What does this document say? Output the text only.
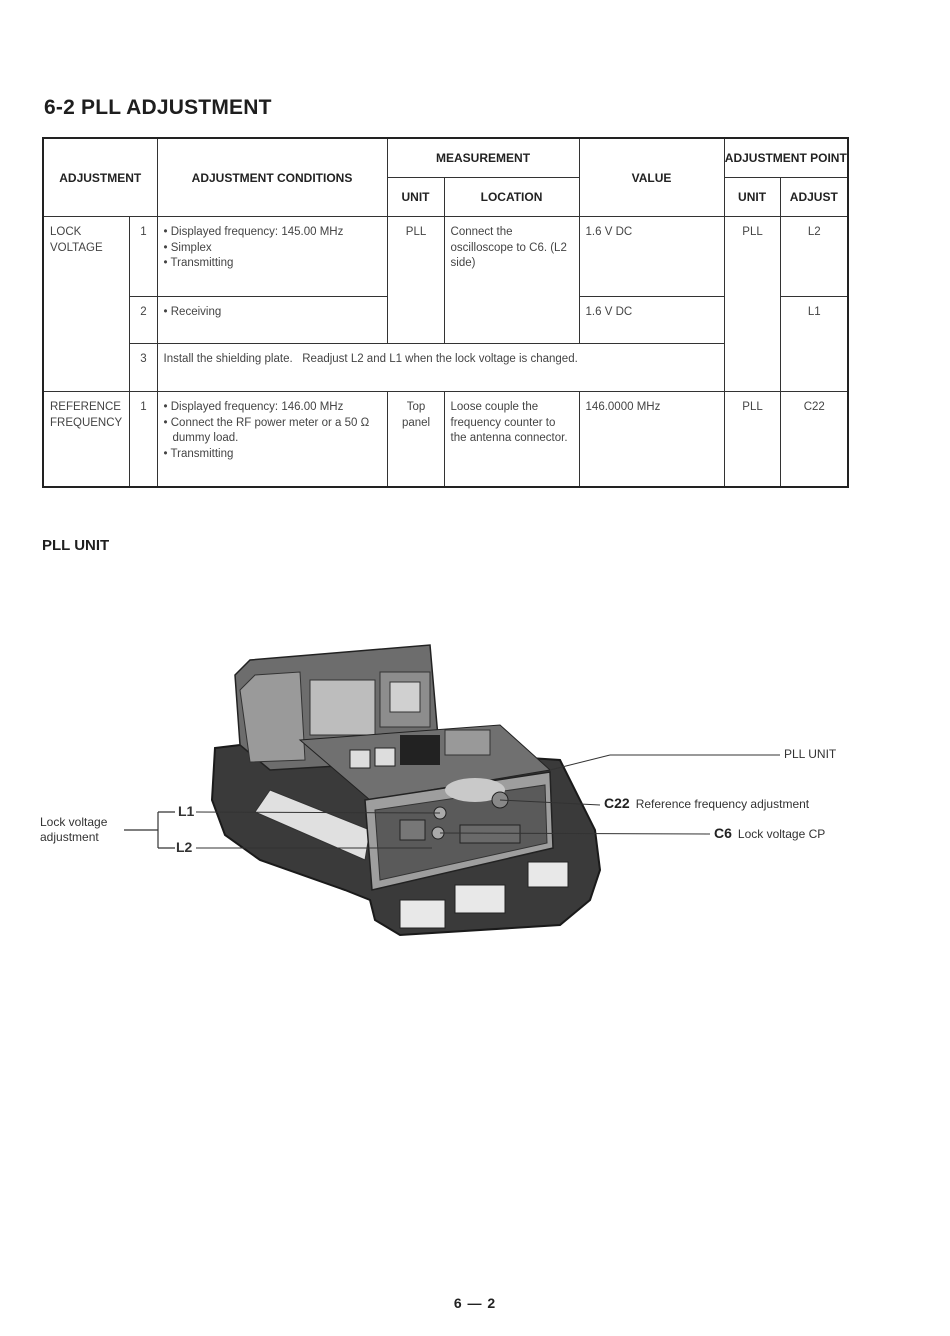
6-2 PLL ADJUSTMENT
ADJUSTMENT		ADJUSTMENT CONDITIONS	MEASUREMENT		VALUE	ADJUSTMENT POINT	
			UNIT	LOCATION		UNIT	ADJUST
LOCK VOLTAGE	1	• Displayed frequency: 145.00 MHz
• Simplex
• Transmitting	PLL	Connect the oscilloscope to C6. (L2 side)	1.6 V DC	PLL	L2
	2	• Receiving			1.6 V DC		L1
	3	Install the shielding plate.   Readjust L2 and L1 when the lock voltage is changed.					
REFERENCE FREQUENCY	1	• Displayed frequency: 146.00 MHz
• Connect the RF power meter or a 50 Ω dummy load.
• Transmitting	Top panel	Loose couple the frequency counter to the antenna connector.	146.0000 MHz	PLL	C22
PLL UNIT
Lock voltage adjustment
L1
L2
PLL UNIT
C22 Reference frequency adjustment
C6 Lock voltage CP
6 — 2
